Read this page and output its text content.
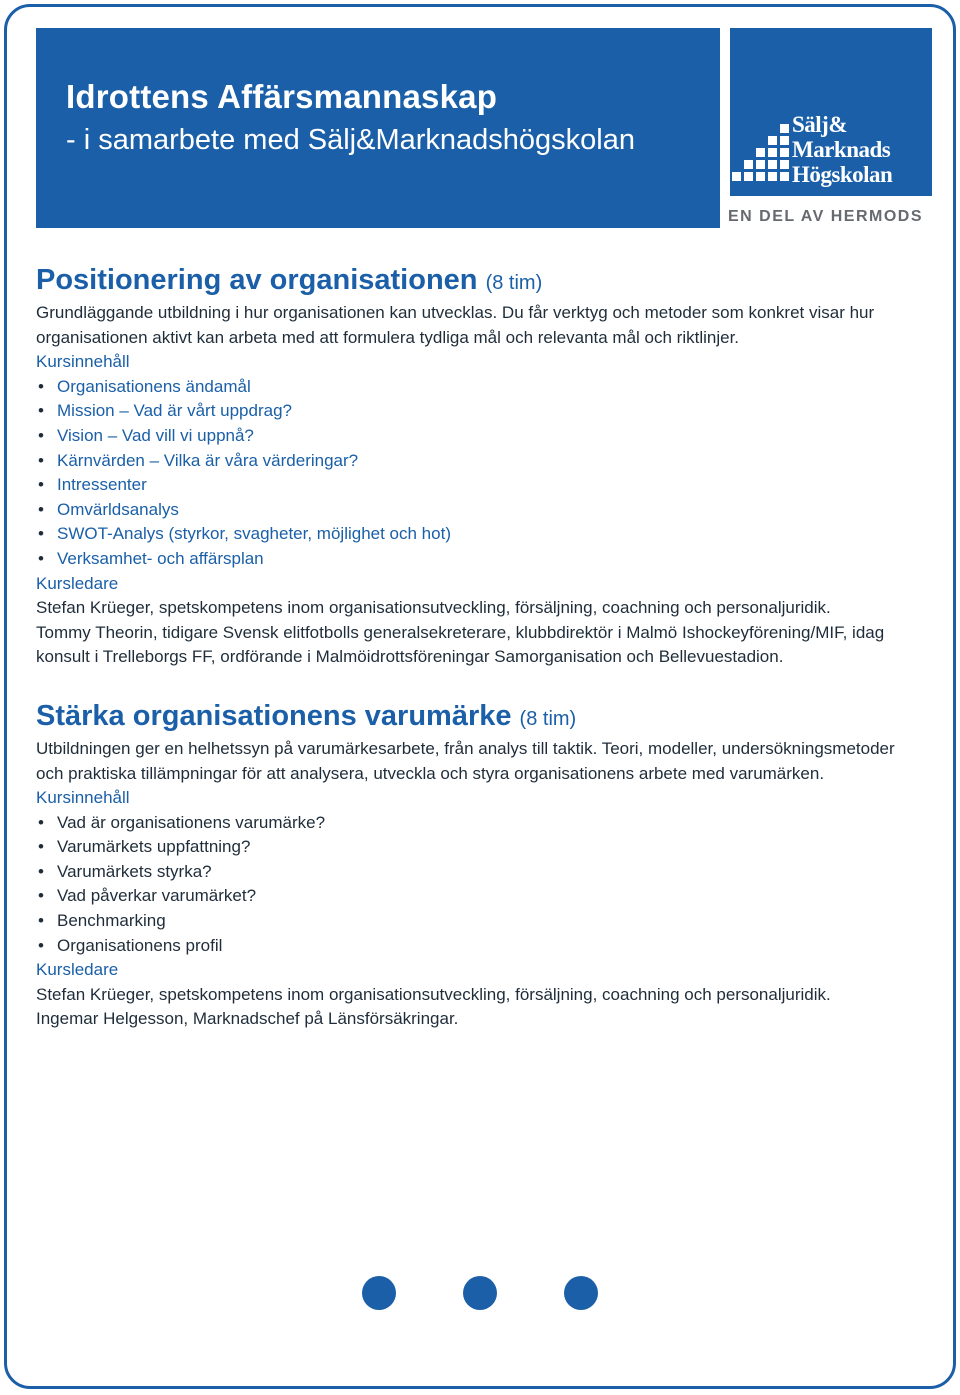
Idrottens Affärsmannaskap

- i samarbete med Sälj&Marknadshögskolan	Sälj&
Marknads
Högskolan
EN DEL AV HERMODS
Positionering av organisationen (8 tim)

Grundläggande utbildning i hur organisationen kan utvecklas. Du får verktyg och metoder som konkret visar hur organisationen aktivt kan arbeta med att formulera tydliga mål och relevanta mål och riktlinjer.

Kursinnehåll

• Organisationens ändamål
• Mission – Vad är vårt uppdrag?
• Vision – Vad vill vi uppnå?
• Kärnvärden – Vilka är våra värderingar?
• Intressenter
• Omvärldsanalys
• SWOT-Analys (styrkor, svagheter, möjlighet och hot)
• Verksamhet- och affärsplan

Kursledare

Stefan Krüeger, spetskompetens inom organisationsutveckling, försäljning, coachning och personaljuridik.

Tommy Theorin, tidigare Svensk elitfotbolls generalsekreterare, klubbdirektör i Malmö Ishockeyförening/MIF, idag konsult i Trelleborgs FF, ordförande i Malmöidrottsföreningar Samorganisation och Bellevuestadion.

Stärka organisationens varumärke (8 tim)

Utbildningen ger en helhetssyn på varumärkesarbete, från analys till taktik. Teori, modeller, undersökningsmetoder och praktiska tillämpningar för att analysera, utveckla och styra organisationens arbete med varumärken.

Kursinnehåll

• Vad är organisationens varumärke?
• Varumärkets uppfattning?
• Varumärkets styrka?
• Vad påverkar varumärket?
• Benchmarking
• Organisationens profil

Kursledare

Stefan Krüeger, spetskompetens inom organisationsutveckling, försäljning, coachning och personaljuridik.

Ingemar Helgesson, Marknadschef på Länsförsäkringar.
